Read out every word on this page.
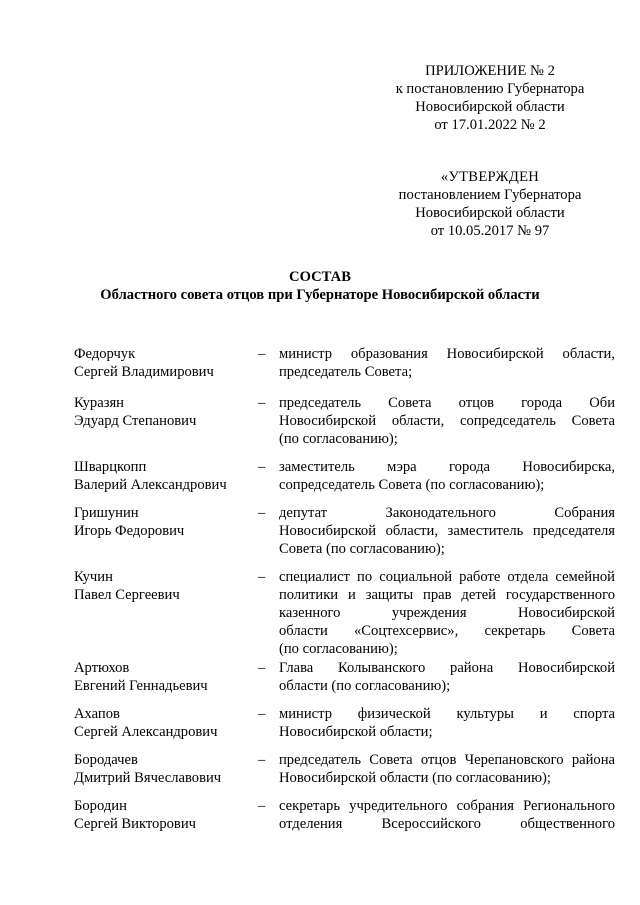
ПРИЛОЖЕНИЕ № 2
к постановлению Губернатора
Новосибирской области
от 17.01.2022 № 2
«УТВЕРЖДЕН
постановлением Губернатора
Новосибирской области
от 10.05.2017 № 97
СОСТАВ
Областного совета отцов при Губернаторе Новосибирской области
Федорчук
Сергей Владимирович
– министр образования Новосибирской области,
председатель Совета;
Куразян
Эдуард Степанович
– председатель Совета отцов города Оби
Новосибирской области, сопредседатель Совета
(по согласованию);
Шварцкопп
Валерий Александрович
– заместитель мэра города Новосибирска,
сопредседатель Совета (по согласованию);
Гришунин
Игорь Федорович
– депутат Законодательного Собрания
Новосибирской области, заместитель председателя
Совета (по согласованию);
Кучин
Павел Сергеевич
– специалист по социальной работе отдела семейной
политики и защиты прав детей государственного
казенного учреждения Новосибирской
области «Соцтехсервис», секретарь Совета
(по согласованию);
Артюхов
Евгений Геннадьевич
– Глава Колыванского района Новосибирской
области (по согласованию);
Ахапов
Сергей Александрович
– министр физической культуры и спорта
Новосибирской области;
Бородачев
Дмитрий Вячеславович
– председатель Совета отцов Черепановского района
Новосибирской области (по согласованию);
Бородин
Сергей Викторович
– секретарь учредительного собрания Регионального
отделения Всероссийского общественного
